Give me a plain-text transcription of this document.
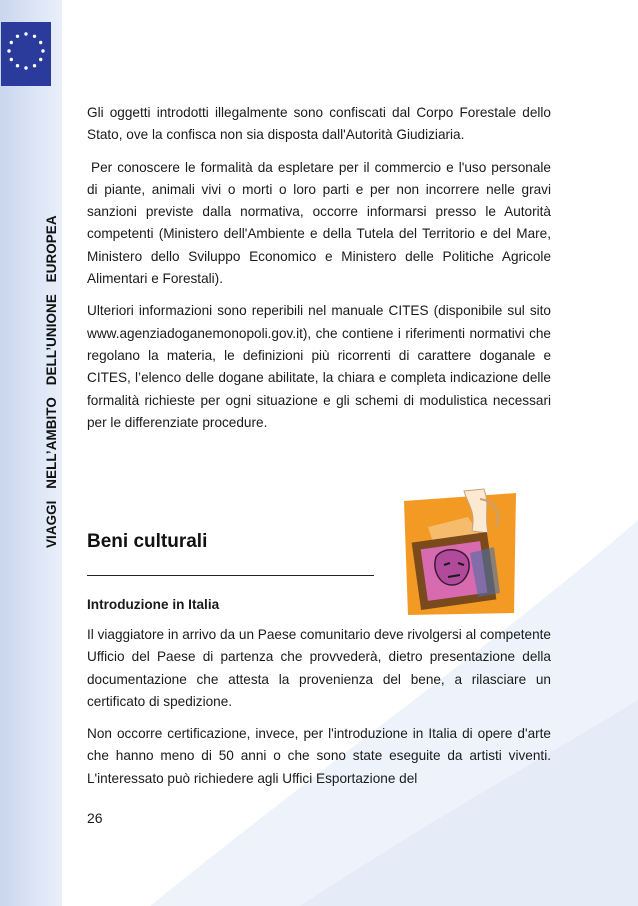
VIAGGI NELL’AMBITO DELL’UNIONE EUROPEA

Gli oggetti introdotti illegalmente sono confiscati dal Corpo Forestale dello Stato, ove la confisca non sia disposta dall'Autorità Giudiziaria.

Per conoscere le formalità da espletare per il commercio e l'uso personale di piante, animali vivi o morti o loro parti e per non incorrere nelle gravi sanzioni previste dalla normativa, occorre informarsi presso le Autorità competenti (Ministero dell'Ambiente e della Tutela del Territorio e del Mare, Ministero dello Sviluppo Economico e Ministero delle Politiche Agricole Alimentari e Forestali).

Ulteriori informazioni sono reperibili nel manuale CITES (disponibile sul sito www.agenziadoganemonopoli.gov.it), che contiene i riferimenti normativi che regolano la materia, le definizioni più ricorrenti di carattere doganale e CITES, l’elenco delle dogane abilitate, la chiara e completa indicazione delle formalità richieste per ogni situazione e gli schemi di modulistica necessari per le differenziate procedure.

Beni culturali
Introduzione in Italia

Il viaggiatore in arrivo da un Paese comunitario deve rivolgersi al competente Ufficio del Paese di partenza che provvederà, dietro presentazione della documentazione che attesta la provenienza del bene, a rilasciare un certificato di spedizione.

Non occorre certificazione, invece, per l'introduzione in Italia di opere d'arte che hanno meno di 50 anni o che sono state eseguite da artisti viventi. L'interessato può richiedere agli Uffici Esportazione del

26
